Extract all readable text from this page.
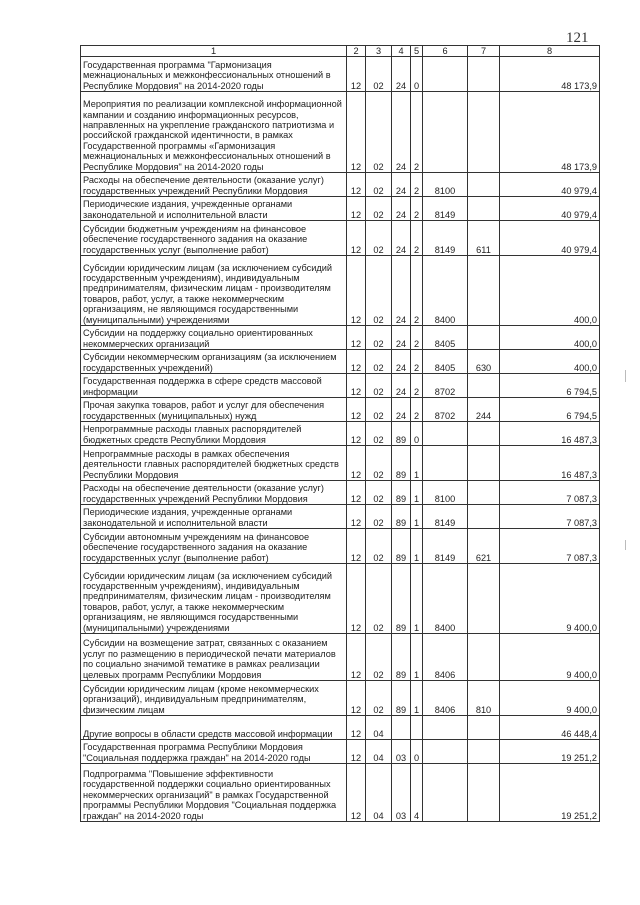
121
1	2	3	4	5	6	7	8
Государственная программа "Гармонизация межнациональных и межконфессиональных отношений в Республике Мордовия" на 2014-2020 годы	12	02	24	0			48 173,9
Мероприятия по реализации комплексной информационной кампании и созданию информационных ресурсов, направленных на укрепление гражданского патриотизма и российской гражданской идентичности, в рамках Государственной программы «Гармонизация межнациональных и межконфессиональных отношений в Республике Мордовия" на 2014-2020 годы	12	02	24	2			48 173,9
Расходы на обеспечение деятельности (оказание услуг) государственных учреждений Республики Мордовия	12	02	24	2	8100		40 979,4
Периодические издания, учрежденные органами законодательной и исполнительной власти	12	02	24	2	8149		40 979,4
Субсидии бюджетным учреждениям на финансовое обеспечение государственного задания на оказание государственных услуг (выполнение работ)	12	02	24	2	8149	611	40 979,4
Субсидии юридическим лицам (за исключением субсидий государственным учреждениям), индивидуальным предпринимателям, физическим лицам - производителям товаров, работ, услуг, а также некоммерческим организациям, не являющимся государственными (муниципальными) учреждениями	12	02	24	2	8400		400,0
Субсидии на поддержку социально ориентированных некоммерческих организаций	12	02	24	2	8405		400,0
Субсидии некоммерческим организациям (за исключением государственных учреждений)	12	02	24	2	8405	630	400,0
Государственная поддержка в сфере средств массовой информации	12	02	24	2	8702		6 794,5
Прочая закупка товаров, работ и услуг для обеспечения государственных (муниципальных) нужд	12	02	24	2	8702	244	6 794,5
Непрограммные расходы главных распорядителей бюджетных средств Республики Мордовия	12	02	89	0			16 487,3
Непрограммные расходы в рамках обеспечения деятельности главных распорядителей бюджетных средств Республики Мордовия	12	02	89	1			16 487,3
Расходы на обеспечение деятельности (оказание услуг) государственных учреждений Республики Мордовия	12	02	89	1	8100		7 087,3
Периодические издания, учрежденные органами законодательной и исполнительной власти	12	02	89	1	8149		7 087,3
Субсидии автономным учреждениям на финансовое обеспечение государственного задания на оказание государственных услуг (выполнение работ)	12	02	89	1	8149	621	7 087,3
Субсидии юридическим лицам (за исключением субсидий государственным учреждениям), индивидуальным предпринимателям, физическим лицам - производителям товаров, работ, услуг, а также некоммерческим организациям, не являющимся государственными (муниципальными) учреждениями	12	02	89	1	8400		9 400,0
Субсидии на возмещение затрат, связанных с оказанием услуг по размещению в периодической печати материалов по социально значимой тематике в рамках реализации целевых программ Республики Мордовия	12	02	89	1	8406		9 400,0
Субсидии юридическим лицам (кроме некоммерческих организаций), индивидуальным предпринимателям, физическим лицам	12	02	89	1	8406	810	9 400,0
Другие вопросы в области средств массовой информации	12	04					46 448,4
Государственная программа Республики Мордовия "Социальная поддержка граждан" на 2014-2020 годы	12	04	03	0			19 251,2
Подпрограмма "Повышение эффективности государственной поддержки социально ориентированных некоммерческих организаций" в рамках Государственной программы Республики Мордовия "Социальная поддержка граждан" на 2014-2020 годы	12	04	03	4			19 251,2
